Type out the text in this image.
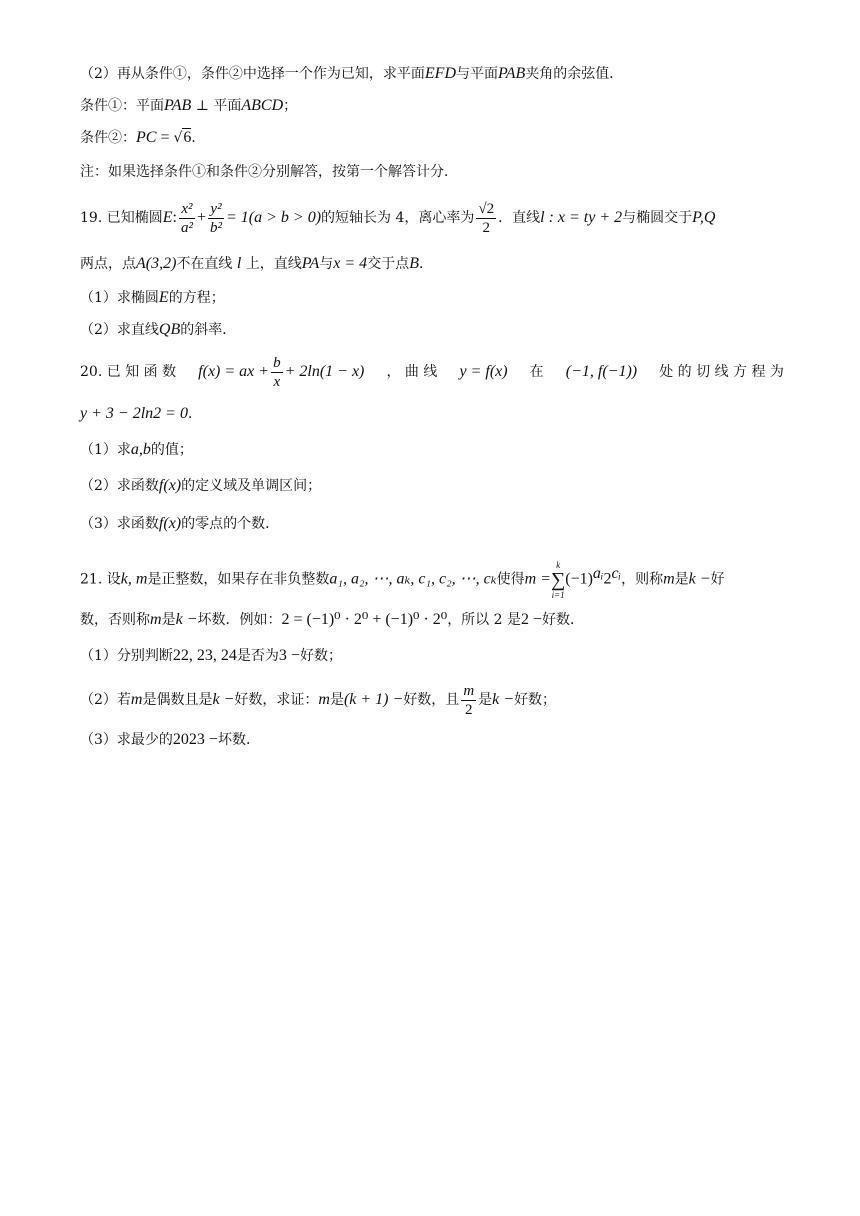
（2）再从条件①，条件②中选择一个作为已知，求平面EFD与平面PAB夹角的余弦值．
条件①：平面PAB ⊥ 平面ABCD；
条件②：PC = √6．
注：如果选择条件①和条件②分别解答，按第一个解答计分．
19. 已知椭圆E: $\frac{\text{x²}}{\text{a²}} + \frac{\text{y²}}{\text{b²}} = 1(a > b > 0)$的短轴长为 4，离心率为 $\frac{√2}{2}$ ．直线l : x = ty + 2与椭圆交于P,Q
两点，点A(3,2)不在直线 l 上，直线PA与x = 4交于点B．
（1）求椭圆E的方程；
（2）求直线QB的斜率．
20. 已 知 函 数 f(x) = ax + $\frac{b}{x} + 2\ln(1 - x)$ ， 曲 线 y = f(x) 在 (−1, f(−1)) 处 的 切 线 方 程 为
y + 3 − 2ln2 = 0．
（1）求a,b的值；
（2）求函数f(x)的定义域及单调区间；
（3）求函数f(x)的零点的个数．
21. 设k, m是正整数，如果存在非负整数a₁, a₂, ⋯, aₖ, c₁, c₂, ⋯, cₖ使得m =k
∑
$i=1(-1)^{aᵢ}2^{cᵢ}$，则称m是k −好
数，否则称m是k −坏数．例如：2 = (−1)⁰ · 2⁰ + (−1)⁰ · 2⁰，所以 2 是2 −好数．
（1）分别判断22, 23, 24是否为3 −好数；
（2）若m是偶数且是k −好数，求证：m是(k + 1) −好数，且 $\frac{m}{2}$ 是k −好数；
（3）求最少的2023 −坏数．
